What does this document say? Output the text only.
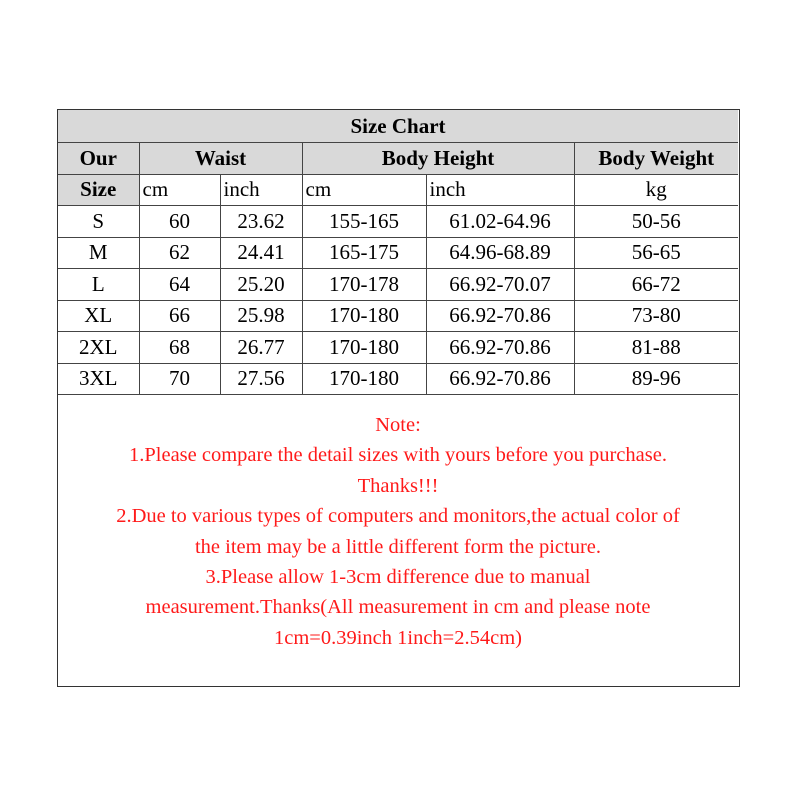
Size Chart					
Our	Waist		Body Height		Body Weight
Size	cm	inch	cm	inch	kg
S	60	23.62	155-165	61.02-64.96	50-56
M	62	24.41	165-175	64.96-68.89	56-65
L	64	25.20	170-178	66.92-70.07	66-72
XL	66	25.98	170-180	66.92-70.86	73-80
2XL	68	26.77	170-180	66.92-70.86	81-88
3XL	70	27.56	170-180	66.92-70.86	89-96

Note:

1.Please compare the detail sizes with yours before you purchase.

Thanks!!!

2.Due to various types of computers and monitors,the actual color of

the item may be a little different form the picture.

3.Please allow 1-3cm difference due to manual

measurement.Thanks(All measurement in cm and please note

1cm=0.39inch 1inch=2.54cm)
